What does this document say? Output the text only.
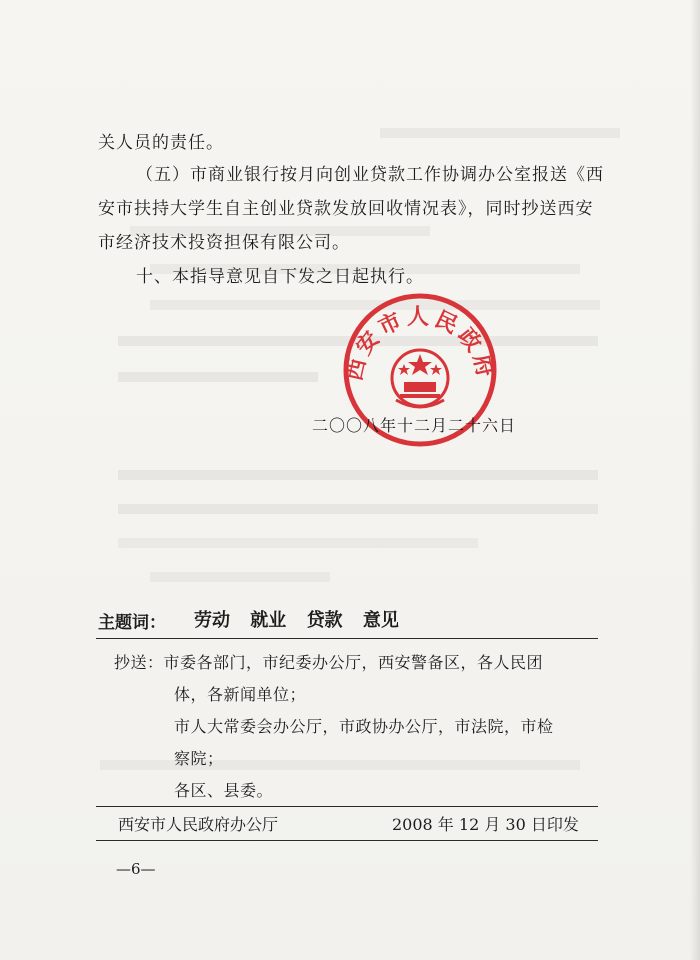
关人员的责任。
（五）市商业银行按月向创业贷款工作协调办公室报送《西
安市扶持大学生自主创业贷款发放回收情况表》，同时抄送西安
市经济技术投资担保有限公司。
十、本指导意见自下发之日起执行。
西安市人民政府
二〇〇八年十二月二十六日
主题词： 劳动 就业 贷款 意见
抄送：市委各部门，市纪委办公厅，西安警备区，各人民团
体，各新闻单位；
市人大常委会办公厅，市政协办公厅，市法院，市检
察院；
各区、县委。
西安市人民政府办公厅	2008 年 12 月 30 日印发
—6—
